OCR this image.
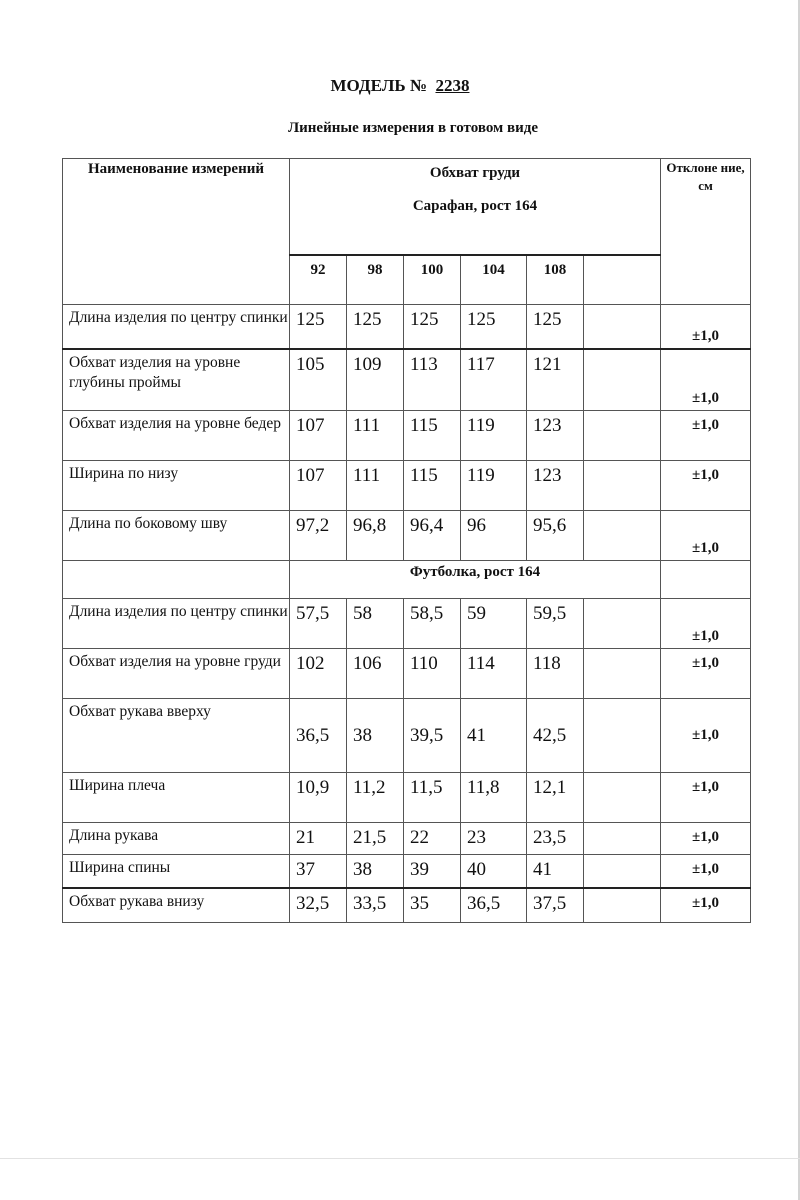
МОДЕЛЬ № 2238
Линейные измерения в готовом виде
Наименование измерений	Обхват груди
Сарафан, рост 164						Отклоне ние, см
	92	98	100	104	108		
Длина изделия по центру спинки	125	125	125	125	125		±1,0
Обхват изделия на уровне глубины проймы	105	109	113	117	121		±1,0
Обхват изделия на уровне бедер	107	111	115	119	123		±1,0
Ширина по низу	107	111	115	119	123		±1,0
Длина по боковому шву	97,2	96,8	96,4	96	95,6		±1,0
	Футболка, рост 164						
Длина изделия по центру спинки	57,5	58	58,5	59	59,5		±1,0
Обхват изделия на уровне груди	102	106	110	114	118		±1,0
Обхват рукава вверху	36,5	38	39,5	41	42,5		±1,0
Ширина плеча	10,9	11,2	11,5	11,8	12,1		±1,0
Длина рукава	21	21,5	22	23	23,5		±1,0
Ширина спины	37	38	39	40	41		±1,0
Обхват рукава внизу	32,5	33,5	35	36,5	37,5		±1,0
